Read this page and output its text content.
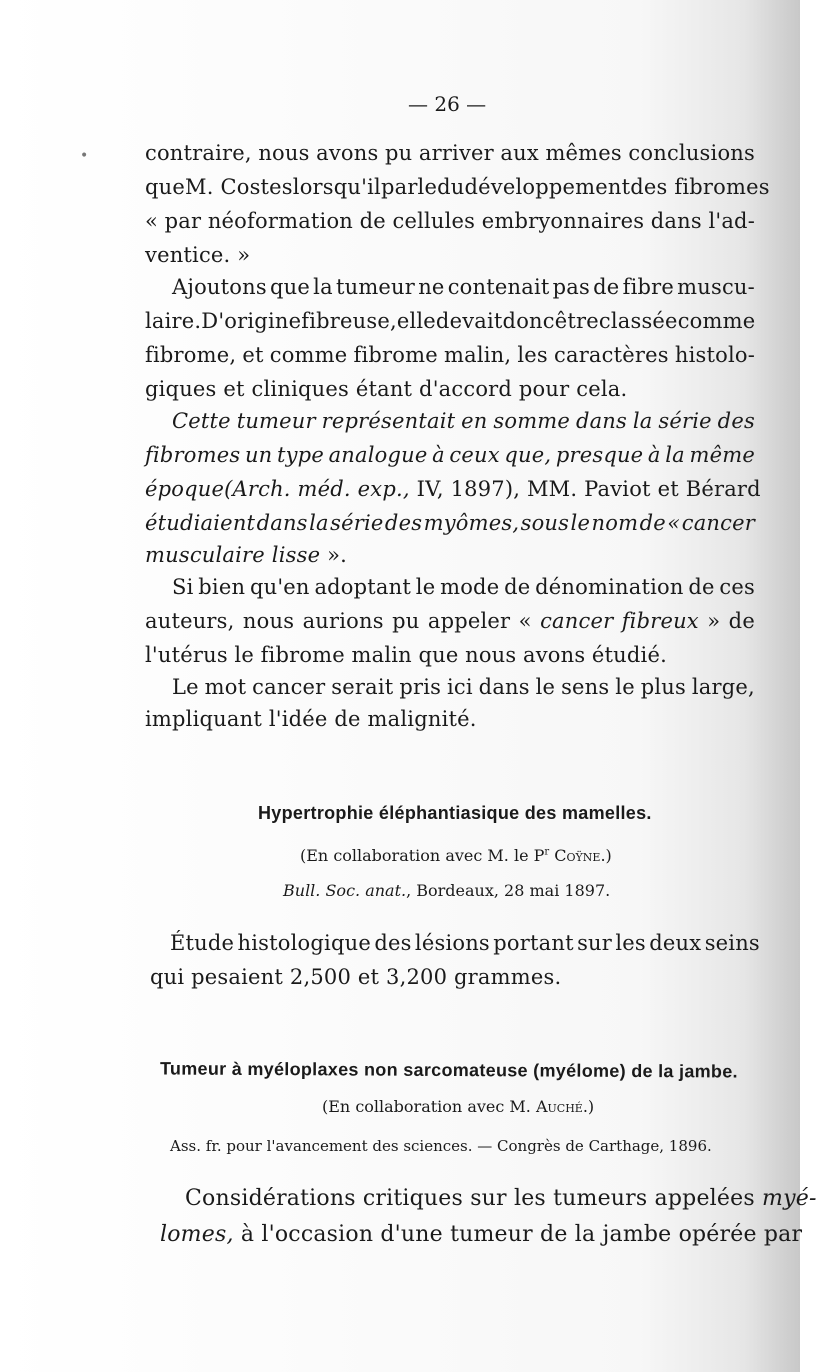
— 26 —
•	contraire, nous avons pu arriver aux mêmes conclusions
que M. Costes lorsqu'il parle du développement des fibromes
« par néoformation de cellules embryonnaires dans l'ad-
ventice. »
Ajoutons que la tumeur ne contenait pas de fibre muscu-
laire. D'origine fibreuse, elle devait donc être classée comme
fibrome, et comme fibrome malin, les caractères histolo-
giques et cliniques étant d'accord pour cela.
Cette tumeur représentait en somme dans la série des
fibromes un type analogue à ceux que, presque à la même
époque(Arch. méd. exp., IV, 1897), MM. Paviot et Bérard
étudiaient dans la série des myômes, sous le nom de « cancer
musculaire lisse ».
Si bien qu'en adoptant le mode de dénomination de ces
auteurs, nous aurions pu appeler « cancer fibreux » de
l'utérus le fibrome malin que nous avons étudié.
Le mot cancer serait pris ici dans le sens le plus large,
impliquant l'idée de malignité.
Hypertrophie éléphantiasique des mamelles.
(En collaboration avec M. le $P^r$ Coÿne.)
Bull. Soc. anat., Bordeaux, 28 mai 1897.
Étude histologique des lésions portant sur les deux seins
qui pesaient 2,500 et 3,200 grammes.
Tumeur à myéloplaxes non sarcomateuse (myélome) de la jambe.
(En collaboration avec M. Auché.)
Ass. fr. pour l'avancement des sciences. — Congrès de Carthage, 1896.
Considérations critiques sur les tumeurs appelées myé-
lomes, à l'occasion d'une tumeur de la jambe opérée par
